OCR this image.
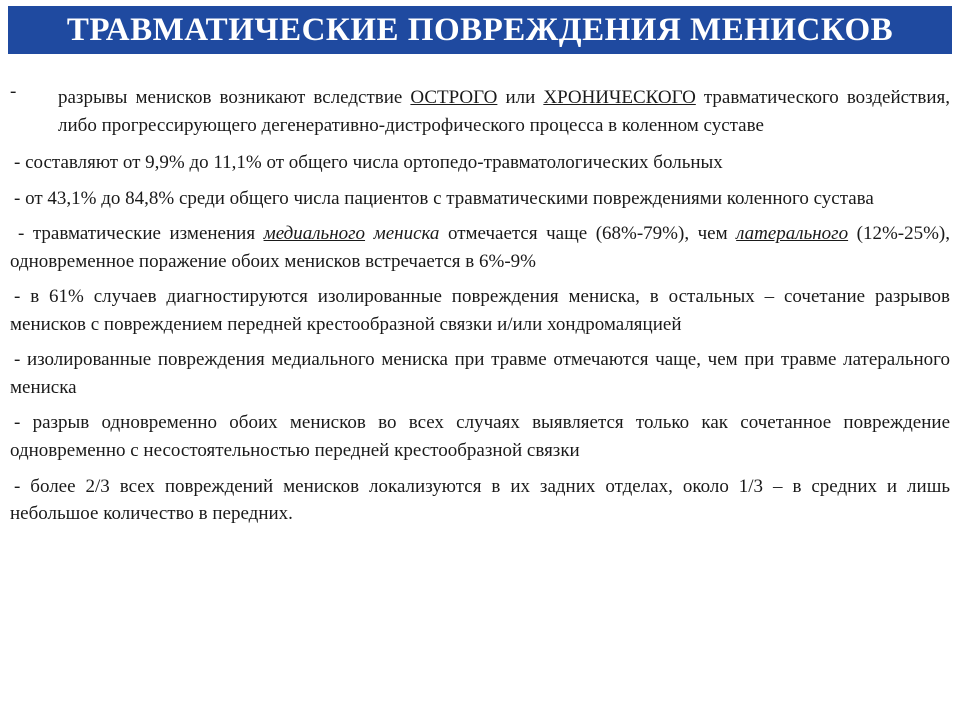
ТРАВМАТИЧЕСКИЕ ПОВРЕЖДЕНИЯ МЕНИСКОВ

-	разрывы менисков возникают вследствие ОСТРОГО или ХРОНИЧЕСКОГО травматического воздействия, либо прогрессирующего дегенеративно-дистрофического процесса в коленном суставе

- составляют от 9,9% до 11,1% от общего числа ортопедо-травматологических больных

- от 43,1% до 84,8% среди общего числа пациентов с травматическими повреждениями коленного сустава

- травматические изменения медиального мениска отмечается чаще (68%-79%), чем латерального (12%-25%), одновременное поражение обоих менисков встречается в 6%-9%

- в 61% случаев диагностируются изолированные повреждения мениска, в остальных – сочетание разрывов менисков с повреждением передней крестообразной связки и/или хондромаляцией

- изолированные повреждения медиального мениска при травме отмечаются чаще, чем при травме латерального мениска

- разрыв одновременно обоих менисков во всех случаях выявляется только как сочетанное повреждение одновременно с несостоятельностью передней крестообразной связки

- более 2/3 всех повреждений менисков локализуются в их задних отделах, около 1/3 – в средних и лишь небольшое количество в передних.
